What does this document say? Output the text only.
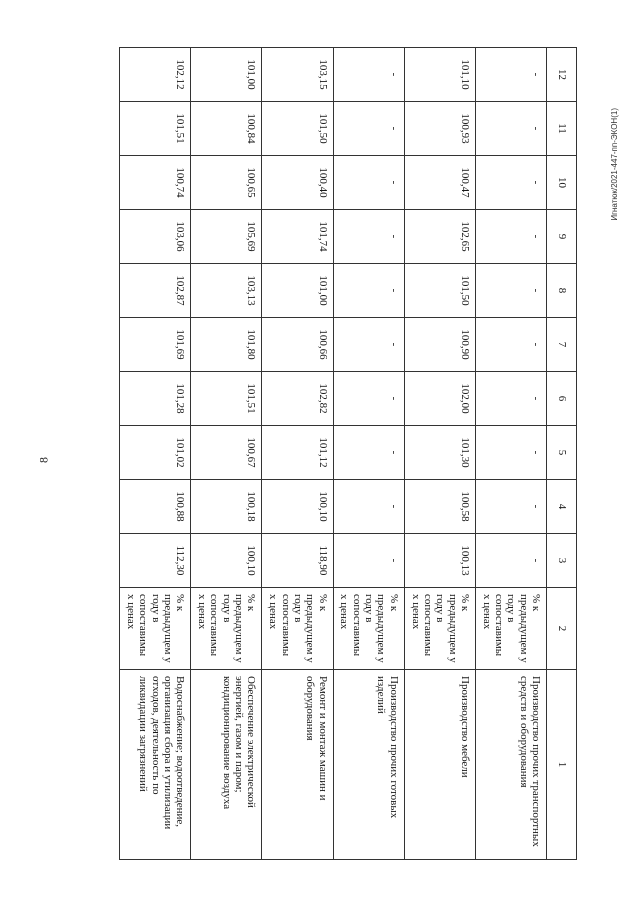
8
Игнатюк/2021-447-пп-ЭКОН(1)
12	11	10	9	8	7	6	5	4	3	2	1
-	-	-	-	-	-	-	-	-	-	% к предыдущем у году в сопоставимы х ценах	Производство прочих транспортных средств и оборудования
101,10	100,93	100,47	102,65	101,50	100,90	102,00	101,30	100,58	100,13	% к предыдущем у году в сопоставимы х ценах	Производство мебели
-	-	-	-	-	-	-	-	-	-	% к предыдущем у году в сопоставимы х ценах	Производство прочих готовых изделий
103,15	101,50	100,40	101,74	101,00	100,66	102,82	101,12	100,10	118,90	% к предыдущем у году в сопоставимы х ценах	Ремонт и монтаж машин и оборудования
101,00	100,84	100,65	105,69	103,13	101,80	101,51	100,67	100,18	100,10	% к предыдущем у году в сопоставимы х ценах	Обеспечение электрической энергией, газом и паром; кондиционирование воздуха
102,12	101,51	100,74	103,06	102,87	101,69	101,28	101,02	100,88	112,30	% к предыдущем у году в сопоставимы х ценах	Водоснабжение; водоотведение, организация сбора и утилизации отходов, деятельность по ликвидации загрязнений
